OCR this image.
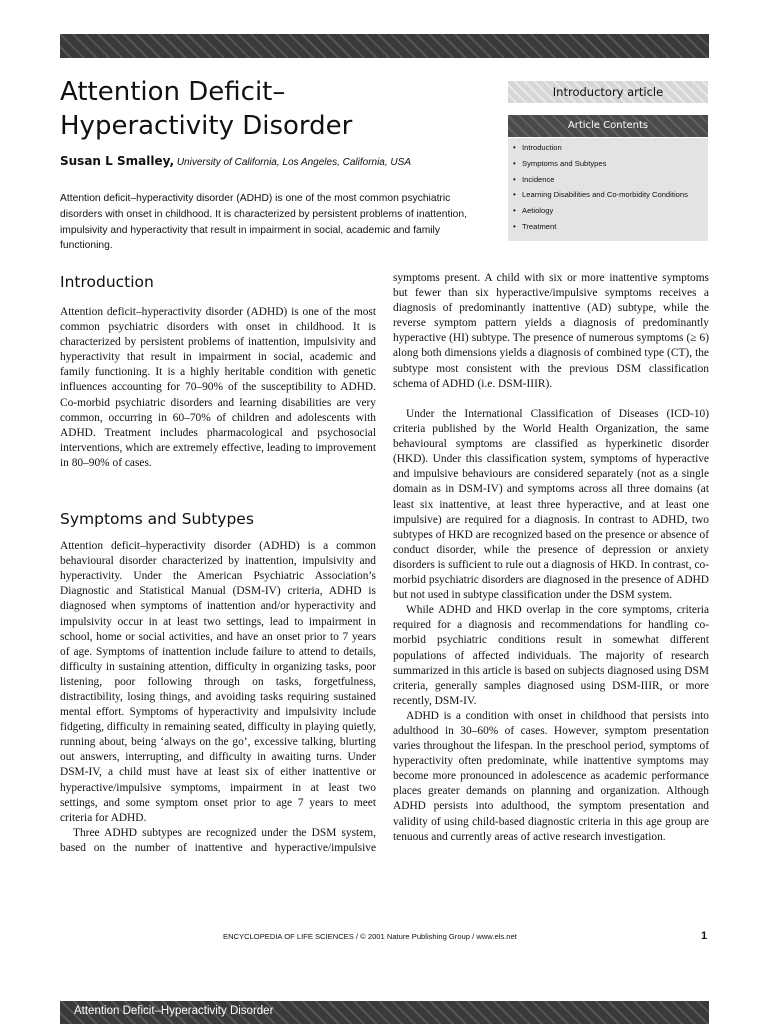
Attention Deficit–
Hyperactivity Disorder
Susan L Smalley, University of California, Los Angeles, California, USA

Attention deficit–hyperactivity disorder (ADHD) is one of the most common psychiatric disorders with onset in childhood. It is characterized by persistent problems of inattention, impulsivity and hyperactivity that result in impairment in social, academic and family functioning.

Introductory article
Article Contents
• Introduction
• Symptoms and Subtypes
• Incidence
• Learning Disabilities and Co-morbidity Conditions
• Aetiology
• Treatment
Introduction

Attention deficit–hyperactivity disorder (ADHD) is one of the most common psychiatric disorders with onset in childhood. It is characterized by persistent problems of inattention, impulsivity and hyperactivity that result in impairment in social, academic and family functioning. It is a highly heritable condition with genetic influences accounting for 70–90% of the susceptibility to ADHD. Co-morbid psychiatric disorders and learning disabilities are very common, occurring in 60–70% of children and adolescents with ADHD. Treatment includes pharmacological and psychosocial interventions, which are extremely effective, leading to improvement in 80–90% of cases.

Symptoms and Subtypes

Attention deficit–hyperactivity disorder (ADHD) is a common behavioural disorder characterized by inattention, impulsivity and hyperactivity. Under the American Psychiatric Association’s Diagnostic and Statistical Manual (DSM-IV) criteria, ADHD is diagnosed when symptoms of inattention and/or hyperactivity and impulsivity occur in at least two settings, lead to impairment in school, home or social activities, and have an onset prior to 7 years of age. Symptoms of inattention include failure to attend to details, difficulty in sustaining attention, difficulty in organizing tasks, poor listening, poor following through on tasks, forgetfulness, distractibility, losing things, and avoiding tasks requiring sustained mental effort. Symptoms of hyperactivity and impulsivity include fidgeting, difficulty in remaining seated, difficulty in playing quietly, running about, being ‘always on the go’, excessive talking, blurting out answers, interrupting, and difficulty in awaiting turns. Under DSM-IV, a child must have at least six of either inattentive or hyperactive/impulsive symptoms, impairment in at least two settings, and some symptom onset prior to age 7 years to meet criteria for ADHD.

Three ADHD subtypes are recognized under the DSM system, based on the number of inattentive and hyperactive/impulsive

symptoms present. A child with six or more inattentive symptoms but fewer than six hyperactive/impulsive symptoms receives a diagnosis of predominantly inattentive (AD) subtype, while the reverse symptom pattern yields a diagnosis of predominantly hyperactive (HI) subtype. The presence of numerous symptoms (≥ 6) along both dimensions yields a diagnosis of combined type (CT), the subtype most consistent with the previous DSM classification schema of ADHD (i.e. DSM-IIIR).

Under the International Classification of Diseases (ICD-10) criteria published by the World Health Organization, the same behavioural symptoms are classified as hyperkinetic disorder (HKD). Under this classification system, symptoms of hyperactive and impulsive behaviours are considered separately (not as a single domain as in DSM-IV) and symptoms across all three domains (at least six inattentive, at least three hyperactive, and at least one impulsive) are required for a diagnosis. In contrast to ADHD, two subtypes of HKD are recognized based on the presence or absence of conduct disorder, while the presence of depression or anxiety disorders is sufficient to rule out a diagnosis of HKD. In contrast, co-morbid psychiatric disorders are diagnosed in the presence of ADHD but not used in subtype classification under the DSM system.

While ADHD and HKD overlap in the core symptoms, criteria required for a diagnosis and recommendations for handling co-morbid psychiatric conditions result in somewhat different populations of affected individuals. The majority of research summarized in this article is based on subjects diagnosed using DSM criteria, generally samples diagnosed using DSM-IIIR, or more recently, DSM-IV.

ADHD is a condition with onset in childhood that persists into adulthood in 30–60% of cases. However, symptom presentation varies throughout the lifespan. In the preschool period, symptoms of hyperactivity often predominate, while inattentive symptoms may become more pronounced in adolescence as academic performance places greater demands on planning and organization. Although ADHD persists into adulthood, the symptom presentation and validity of using child-based diagnostic criteria in this age group are tenuous and currently areas of active research investigation.

ENCYCLOPEDIA OF LIFE SCIENCES / © 2001 Nature Publishing Group / www.els.net	1
Attention Deficit–Hyperactivity Disorder
